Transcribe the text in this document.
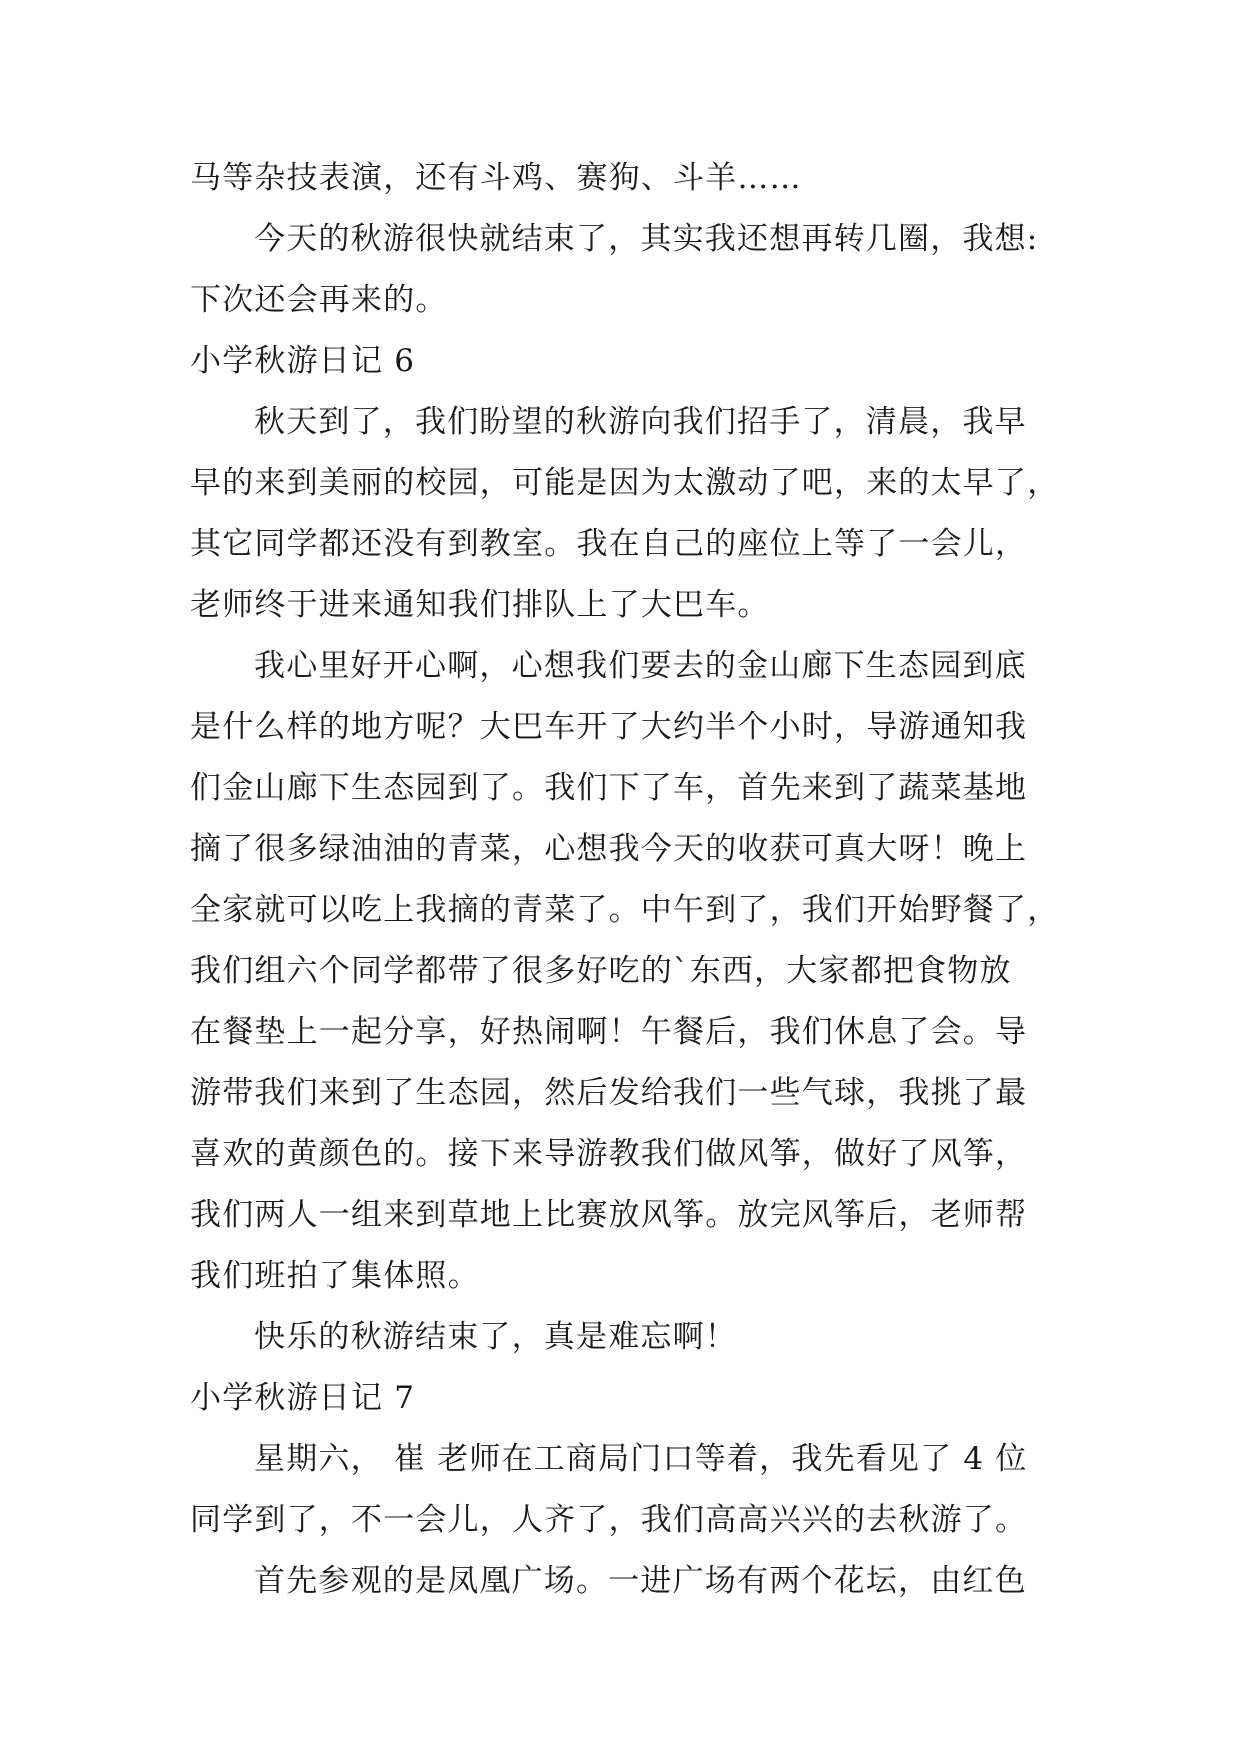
马等杂技表演，还有斗鸡、赛狗、斗羊……
今天的秋游很快就结束了，其实我还想再转几圈，我想:
下次还会再来的。
小学秋游日记 6
秋天到了，我们盼望的秋游向我们招手了，清晨，我早
早的来到美丽的校园，可能是因为太激动了吧，来的太早了，
其它同学都还没有到教室。我在自己的座位上等了一会儿，
老师终于进来通知我们排队上了大巴车。
我心里好开心啊，心想我们要去的金山廊下生态园到底
是什么样的地方呢？大巴车开了大约半个小时，导游通知我
们金山廊下生态园到了。我们下了车，首先来到了蔬菜基地
摘了很多绿油油的青菜，心想我今天的收获可真大呀！晚上
全家就可以吃上我摘的青菜了。中午到了，我们开始野餐了，
我们组六个同学都带了很多好吃的`东西，大家都把食物放
在餐垫上一起分享，好热闹啊！午餐后，我们休息了会。导
游带我们来到了生态园，然后发给我们一些气球，我挑了最
喜欢的黄颜色的。接下来导游教我们做风筝，做好了风筝，
我们两人一组来到草地上比赛放风筝。放完风筝后，老师帮
我们班拍了集体照。
快乐的秋游结束了，真是难忘啊！
小学秋游日记 7
星期六， 崔 老师在工商局门口等着，我先看见了 4 位
同学到了，不一会儿，人齐了，我们高高兴兴的去秋游了。
首先参观的是凤凰广场。一进广场有两个花坛，由红色
